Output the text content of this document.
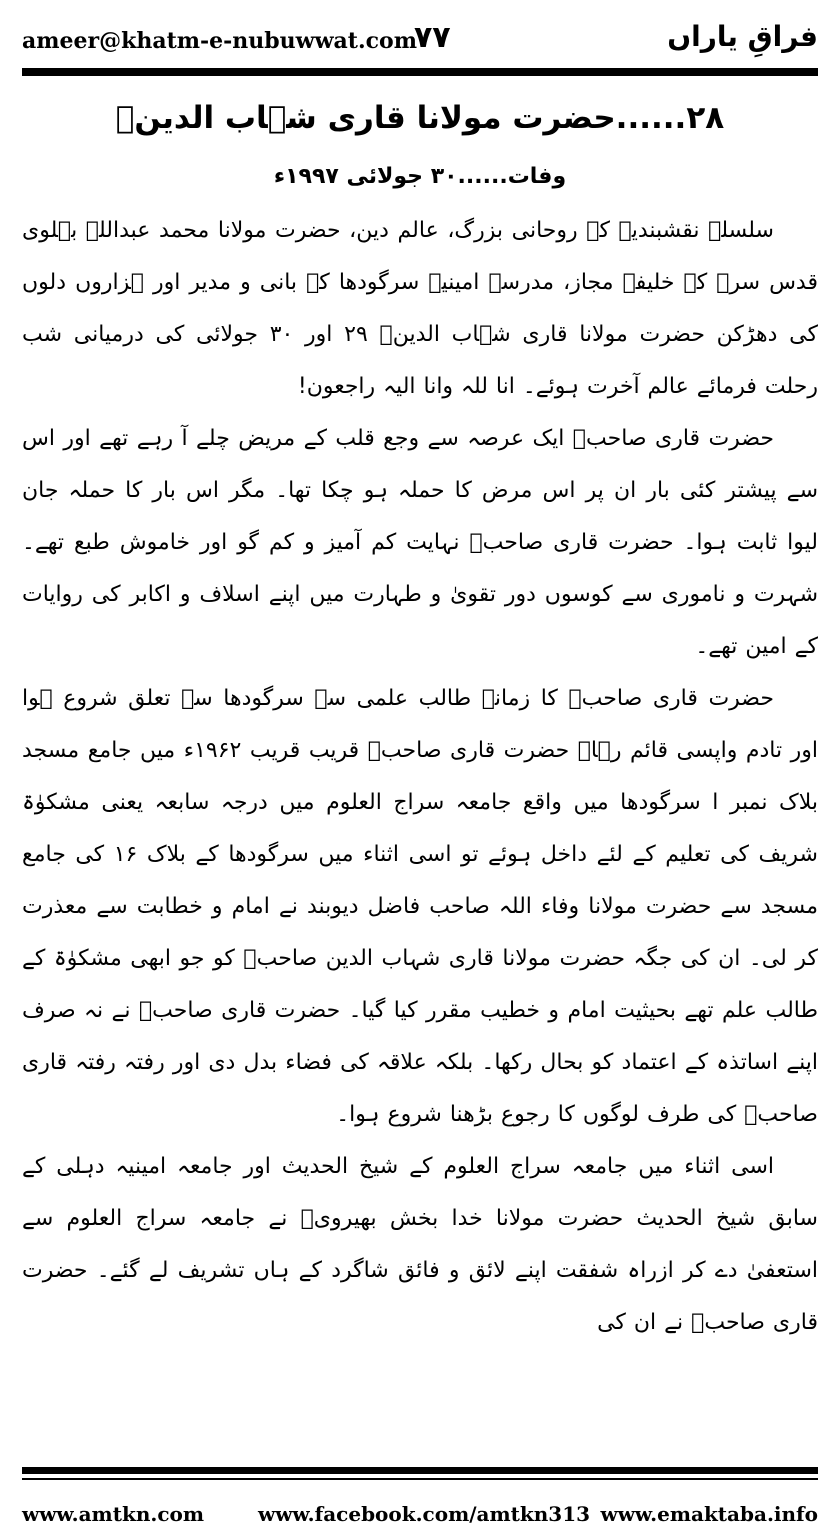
ameer@khatm-e-nubuwwat.com
۷۷	فراقِ یاراں
۲۸......حضرت مولانا قاری شہاب الدینؒ
وفات......۳۰ جولائی ۱۹۹۷ء

سلسلہ نقشبندیہ کے روحانی بزرگ، عالم دین، حضرت مولانا محمد عبداللہ بہلوی قدس سرہ کے خلیفہ مجاز، مدرسہ امینیہ سرگودھا کے بانی و مدیر اور ہزاروں دلوں کی دھڑکن حضرت مولانا قاری شہاب الدینؒ ۲۹ اور ۳۰ جولائی کی درمیانی شب رحلت فرمائے عالم آخرت ہوئے۔ انا للہ وانا الیہ راجعون!

حضرت قاری صاحبؒ ایک عرصہ سے وجع قلب کے مریض چلے آ رہے تھے اور اس سے پیشتر کئی بار ان پر اس مرض کا حملہ ہو چکا تھا۔ مگر اس بار کا حملہ جان لیوا ثابت ہوا۔ حضرت قاری صاحبؒ نہایت کم آمیز و کم گو اور خاموش طبع تھے۔ شہرت و ناموری سے کوسوں دور تقویٰ و طہارت میں اپنے اسلاف و اکابر کی روایات کے امین تھے۔

حضرت قاری صاحبؒ کا زمانہ طالب علمی سے سرگودھا سے تعلق شروع ہوا اور تادم واپسی قائم رہا۔ حضرت قاری صاحبؒ قریب قریب ۱۹۶۲ء میں جامع مسجد بلاک نمبر ا سرگودھا میں واقع جامعہ سراج العلوم میں درجہ سابعہ یعنی مشکوٰۃ شریف کی تعلیم کے لئے داخل ہوئے تو اسی اثناء میں سرگودھا کے بلاک ۱۶ کی جامع مسجد سے حضرت مولانا وفاء اللہ صاحب فاضل دیوبند نے امام و خطابت سے معذرت کر لی۔ ان کی جگہ حضرت مولانا قاری شہاب الدین صاحبؒ کو جو ابھی مشکوٰۃ کے طالب علم تھے بحیثیت امام و خطیب مقرر کیا گیا۔ حضرت قاری صاحبؒ نے نہ صرف اپنے اساتذہ کے اعتماد کو بحال رکھا۔ بلکہ علاقہ کی فضاء بدل دی اور رفتہ رفتہ قاری صاحبؒ کی طرف لوگوں کا رجوع بڑھنا شروع ہوا۔

اسی اثناء میں جامعہ سراج العلوم کے شیخ الحدیث اور جامعہ امینیہ دہلی کے سابق شیخ الحدیث حضرت مولانا خدا بخش بھیرویؒ نے جامعہ سراج العلوم سے استعفیٰ دے کر ازراہ شفقت اپنے لائق و فائق شاگرد کے ہاں تشریف لے گئے۔ حضرت قاری صاحبؒ نے ان کی

www.amtkn.com	www.facebook.com/amtkn313 www.emaktaba.info
